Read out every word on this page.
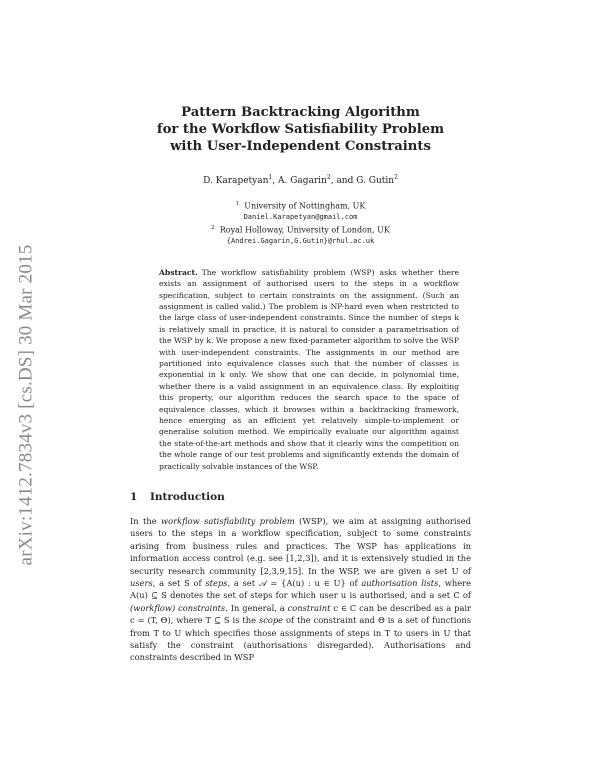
arXiv:1412.7834v3 [cs.DS] 30 Mar 2015
Pattern Backtracking Algorithm
for the Workflow Satisfiability Problem
with User-Independent Constraints
D. Karapetyan$^1$, A. Gagarin$^2$, and G. Gutin$^2$
$^1$ University of Nottingham, UK
Daniel.Karapetyan@gmail.com
$^2$ Royal Holloway, University of London, UK
{Andrei.Gagarin,G.Gutin}@rhul.ac.uk
Abstract. The workflow satisfiability problem (WSP) asks whether there exists an assignment of authorised users to the steps in a workflow specification, subject to certain constraints on the assignment. (Such an assignment is called valid.) The problem is NP-hard even when restricted to the large class of user-independent constraints. Since the number of steps k is relatively small in practice, it is natural to consider a parametrisation of the WSP by k. We propose a new fixed-parameter algorithm to solve the WSP with user-independent constraints. The assignments in our method are partitioned into equivalence classes such that the number of classes is exponential in k only. We show that one can decide, in polynomial time, whether there is a valid assignment in an equivalence class. By exploiting this property, our algorithm reduces the search space to the space of equivalence classes, which it browses within a backtracking framework, hence emerging as an efficient yet relatively simple-to-implement or generalise solution method. We empirically evaluate our algorithm against the state-of-the-art methods and show that it clearly wins the competition on the whole range of our test problems and significantly extends the domain of practically solvable instances of the WSP.
1 Introduction
In the workflow satisfiability problem (WSP), we aim at assigning authorised users to the steps in a workflow specification, subject to some constraints arising from business rules and practices. The WSP has applications in information access control (e.g. see [1,2,3]), and it is extensively studied in the security research community [2,3,9,15]. In the WSP, we are given a set U of users, a set S of steps, a set 𝒜 = {A(u) : u ∈ U} of authorisation lists, where A(u) ⊆ S denotes the set of steps for which user u is authorised, and a set C of (workflow) constraints. In general, a constraint c ∈ C can be described as a pair c = (T, Θ), where T ⊆ S is the scope of the constraint and Θ is a set of functions from T to U which specifies those assignments of steps in T to users in U that satisfy the constraint (authorisations disregarded). Authorisations and constraints described in WSP
